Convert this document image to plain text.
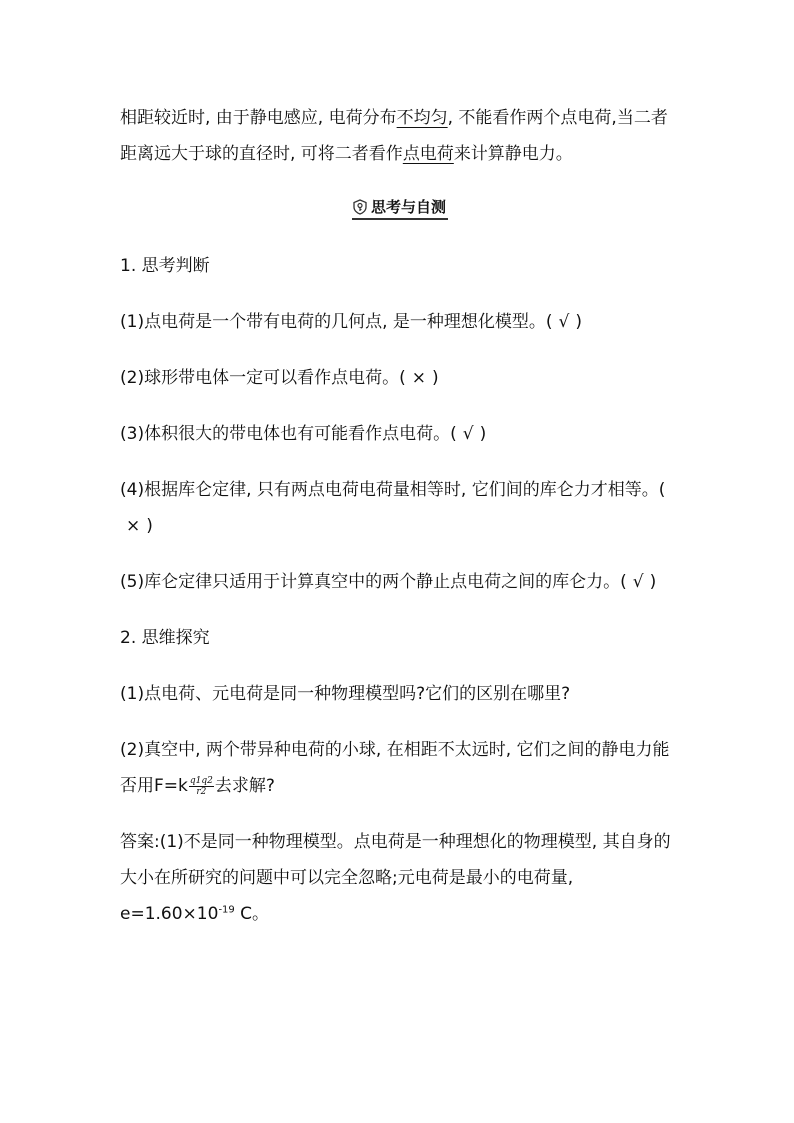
相距较近时, 由于静电感应, 电荷分布不均匀, 不能看作两个点电荷,当二者距离远大于球的直径时, 可将二者看作点电荷来计算静电力。

思考与自测

1. 思考判断

(1)点电荷是一个带有电荷的几何点, 是一种理想化模型。( √ )

(2)球形带电体一定可以看作点电荷。( × )

(3)体积很大的带电体也有可能看作点电荷。( √ )

(4)根据库仑定律, 只有两点电荷电荷量相等时, 它们间的库仑力才相等。(× )

(5)库仑定律只适用于计算真空中的两个静止点电荷之间的库仑力。( √ )

2. 思维探究

(1)点电荷、元电荷是同一种物理模型吗?它们的区别在哪里?

(2)真空中, 两个带异种电荷的小球, 在相距不太远时, 它们之间的静电力能否用$F=k \frac{q1q2}{r2}$ 去求解?

答案:(1)不是同一种物理模型。点电荷是一种理想化的物理模型, 其自身的大小在所研究的问题中可以完全忽略;元电荷是最小的电荷量, $e=1.60\times 10^{-19}$ C。
